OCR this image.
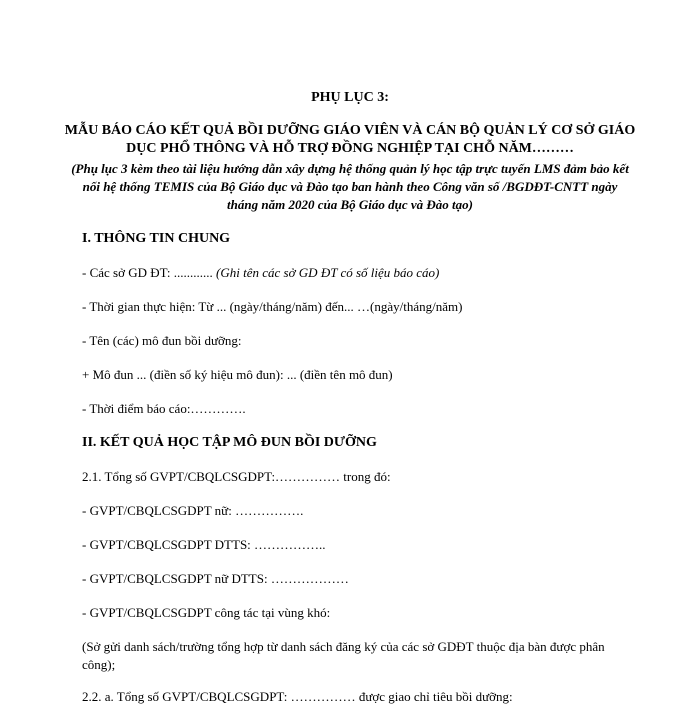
PHỤ LỤC 3:

MẪU BÁO CÁO KẾT QUẢ BỒI DƯỠNG GIÁO VIÊN VÀ CÁN BỘ QUẢN LÝ CƠ SỞ GIÁO DỤC PHỔ THÔNG VÀ HỖ TRỢ ĐỒNG NGHIỆP TẠI CHỖ NĂM………

(Phụ lục 3 kèm theo tài liệu hướng dẫn xây dựng hệ thống quản lý học tập trực tuyến LMS đảm bảo kết nối hệ thống TEMIS của Bộ Giáo dục và Đào tạo ban hành theo Công văn số /BGDĐT-CNTT ngày tháng năm 2020 của Bộ Giáo dục và Đào tạo)

I. THÔNG TIN CHUNG

- Các sở GD ĐT: ............ (Ghi tên các sở GD ĐT có số liệu báo cáo)

- Thời gian thực hiện: Từ ... (ngày/tháng/năm) đến... …(ngày/tháng/năm)

- Tên (các) mô đun bồi dưỡng:

+ Mô đun ... (điền số ký hiệu mô đun): ... (điền tên mô đun)

- Thời điểm báo cáo:………….

II. KẾT QUẢ HỌC TẬP MÔ ĐUN BỒI DƯỠNG

2.1. Tổng số GVPT/CBQLCSGDPT:…………… trong đó:

- GVPT/CBQLCSGDPT nữ: …………….

- GVPT/CBQLCSGDPT DTTS: ……………..

- GVPT/CBQLCSGDPT nữ DTTS: ………………

- GVPT/CBQLCSGDPT công tác tại vùng khó:

(Sở gửi danh sách/trường tổng hợp từ danh sách đăng ký của các sở GDĐT thuộc địa bàn được phân công);

2.2. a. Tổng số GVPT/CBQLCSGDPT: …………… được giao chỉ tiêu bồi dưỡng:
